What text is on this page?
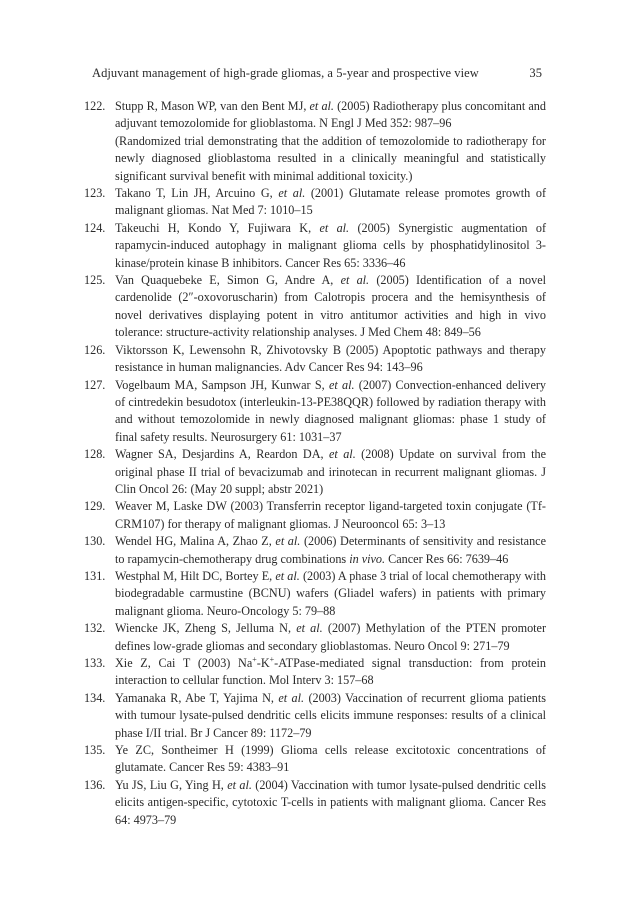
Adjuvant management of high-grade gliomas, a 5-year and prospective view	35
122. Stupp R, Mason WP, van den Bent MJ, et al. (2005) Radiotherapy plus concomitant and adjuvant temozolomide for glioblastoma. N Engl J Med 352: 987–96
(Randomized trial demonstrating that the addition of temozolomide to radiotherapy for newly diagnosed glioblastoma resulted in a clinically meaningful and statistically significant survival benefit with minimal additional toxicity.)
123. Takano T, Lin JH, Arcuino G, et al. (2001) Glutamate release promotes growth of malignant gliomas. Nat Med 7: 1010–15
124. Takeuchi H, Kondo Y, Fujiwara K, et al. (2005) Synergistic augmentation of rapamycin-induced autophagy in malignant glioma cells by phosphatidylinositol 3-kinase/protein kinase B inhibitors. Cancer Res 65: 3336–46
125. Van Quaquebeke E, Simon G, Andre A, et al. (2005) Identification of a novel cardenolide (2″-oxovoruscharin) from Calotropis procera and the hemisynthesis of novel derivatives displaying potent in vitro antitumor activities and high in vivo tolerance: structure-activity relationship analyses. J Med Chem 48: 849–56
126. Viktorsson K, Lewensohn R, Zhivotovsky B (2005) Apoptotic pathways and therapy resistance in human malignancies. Adv Cancer Res 94: 143–96
127. Vogelbaum MA, Sampson JH, Kunwar S, et al. (2007) Convection-enhanced delivery of cintredekin besudotox (interleukin-13-PE38QQR) followed by radiation therapy with and without temozolomide in newly diagnosed malignant gliomas: phase 1 study of final safety results. Neurosurgery 61: 1031–37
128. Wagner SA, Desjardins A, Reardon DA, et al. (2008) Update on survival from the original phase II trial of bevacizumab and irinotecan in recurrent malignant gliomas. J Clin Oncol 26: (May 20 suppl; abstr 2021)
129. Weaver M, Laske DW (2003) Transferrin receptor ligand-targeted toxin conjugate (Tf-CRM107) for therapy of malignant gliomas. J Neurooncol 65: 3–13
130. Wendel HG, Malina A, Zhao Z, et al. (2006) Determinants of sensitivity and resistance to rapamycin-chemotherapy drug combinations in vivo. Cancer Res 66: 7639–46
131. Westphal M, Hilt DC, Bortey E, et al. (2003) A phase 3 trial of local chemotherapy with biodegradable carmustine (BCNU) wafers (Gliadel wafers) in patients with primary malignant glioma. Neuro-Oncology 5: 79–88
132. Wiencke JK, Zheng S, Jelluma N, et al. (2007) Methylation of the PTEN promoter defines low-grade gliomas and secondary glioblastomas. Neuro Oncol 9: 271–79
133. Xie Z, Cai T (2003) Na+-K+-ATPase-mediated signal transduction: from protein interaction to cellular function. Mol Interv 3: 157–68
134. Yamanaka R, Abe T, Yajima N, et al. (2003) Vaccination of recurrent glioma patients with tumour lysate-pulsed dendritic cells elicits immune responses: results of a clinical phase I/II trial. Br J Cancer 89: 1172–79
135. Ye ZC, Sontheimer H (1999) Glioma cells release excitotoxic concentrations of glutamate. Cancer Res 59: 4383–91
136. Yu JS, Liu G, Ying H, et al. (2004) Vaccination with tumor lysate-pulsed dendritic cells elicits antigen-specific, cytotoxic T-cells in patients with malignant glioma. Cancer Res 64: 4973–79
